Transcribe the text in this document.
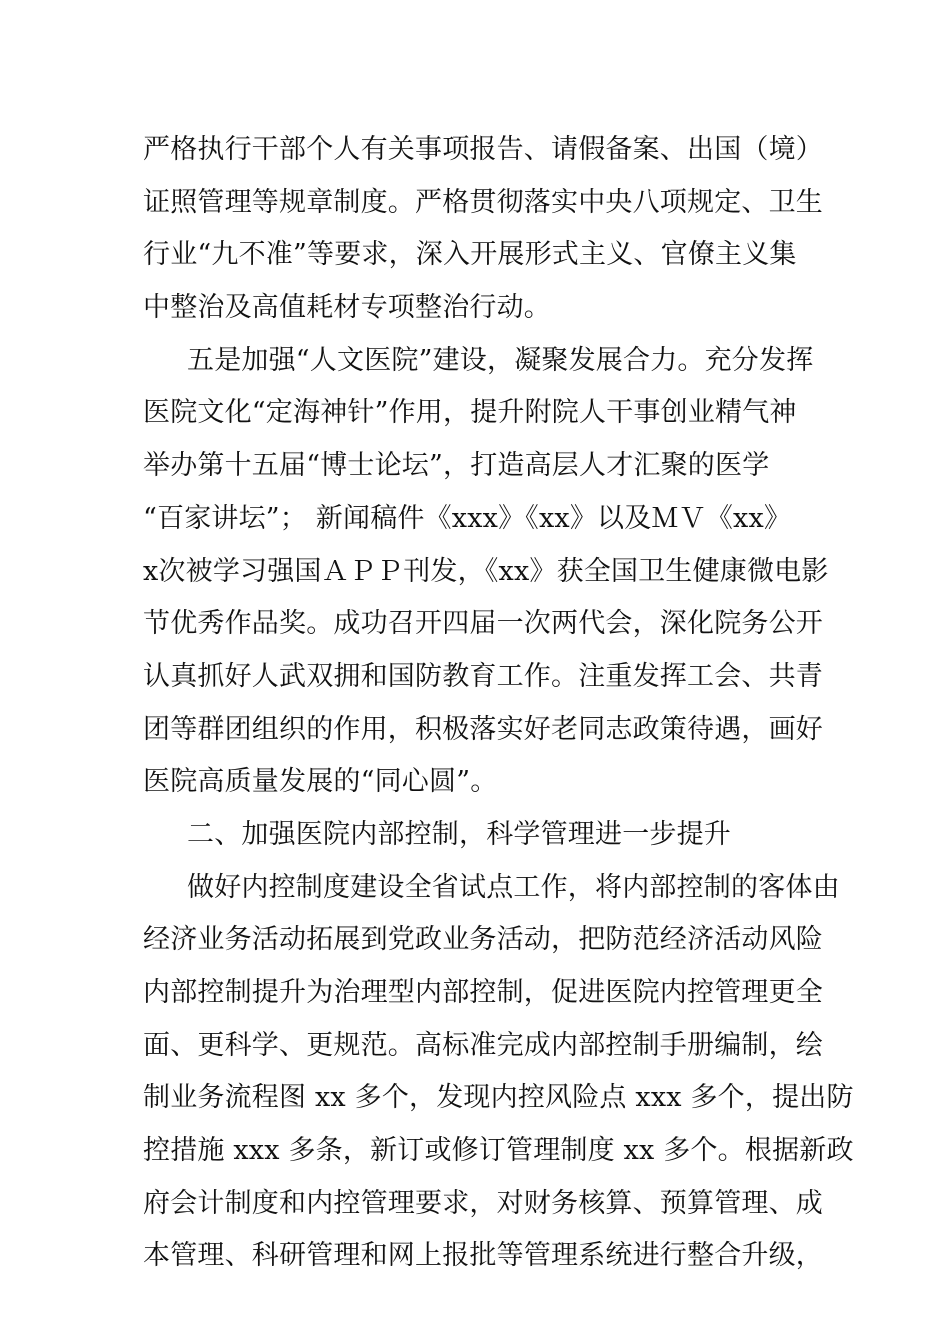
严格执行干部个人有关事项报告、请假备案、出国（境）
证照管理等规章制度。严格贯彻落实中央八项规定、卫生
行业“九不准”等要求，深入开展形式主义、官僚主义集
中整治及高值耗材专项整治行动。
五是加强“人文医院”建设，凝聚发展合力。充分发挥
医院文化“定海神针”作用，提升附院人干事创业精气神
举办第十五届“博士论坛”，打造高层人才汇聚的医学
“百家讲坛”； 新闻稿件《xxx》《xx》以及ＭＶ《xx》
x次被学习强国ＡＰＰ刊发，《xx》获全国卫生健康微电影
节优秀作品奖。成功召开四届一次两代会，深化院务公开
认真抓好人武双拥和国防教育工作。注重发挥工会、共青
团等群团组织的作用，积极落实好老同志政策待遇，画好
医院高质量发展的“同心圆”。
二、加强医院内部控制，科学管理进一步提升
做好内控制度建设全省试点工作，将内部控制的客体由
经济业务活动拓展到党政业务活动，把防范经济活动风险
内部控制提升为治理型内部控制，促进医院内控管理更全
面、更科学、更规范。高标准完成内部控制手册编制，绘
制业务流程图 xx 多个，发现内控风险点 xxx 多个，提出防
控措施 xxx 多条，新订或修订管理制度 xx 多个。根据新政
府会计制度和内控管理要求，对财务核算、预算管理、成
本管理、科研管理和网上报批等管理系统进行整合升级，
